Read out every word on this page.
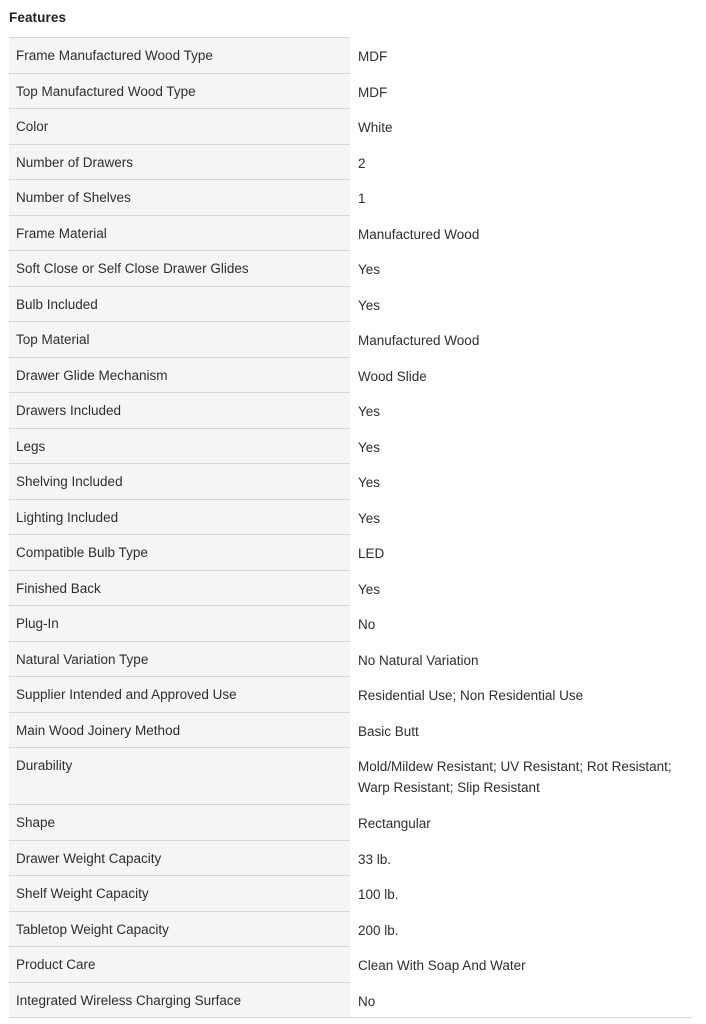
Features
Frame Manufactured Wood Type	MDF
Top Manufactured Wood Type	MDF
Color	White
Number of Drawers	2
Number of Shelves	1
Frame Material	Manufactured Wood
Soft Close or Self Close Drawer Glides	Yes
Bulb Included	Yes
Top Material	Manufactured Wood
Drawer Glide Mechanism	Wood Slide
Drawers Included	Yes
Legs	Yes
Shelving Included	Yes
Lighting Included	Yes
Compatible Bulb Type	LED
Finished Back	Yes
Plug-In	No
Natural Variation Type	No Natural Variation
Supplier Intended and Approved Use	Residential Use; Non Residential Use
Main Wood Joinery Method	Basic Butt
Durability	Mold/Mildew Resistant; UV Resistant; Rot Resistant; Warp Resistant; Slip Resistant
Shape	Rectangular
Drawer Weight Capacity	33 lb.
Shelf Weight Capacity	100 lb.
Tabletop Weight Capacity	200 lb.
Product Care	Clean With Soap And Water
Integrated Wireless Charging Surface	No
